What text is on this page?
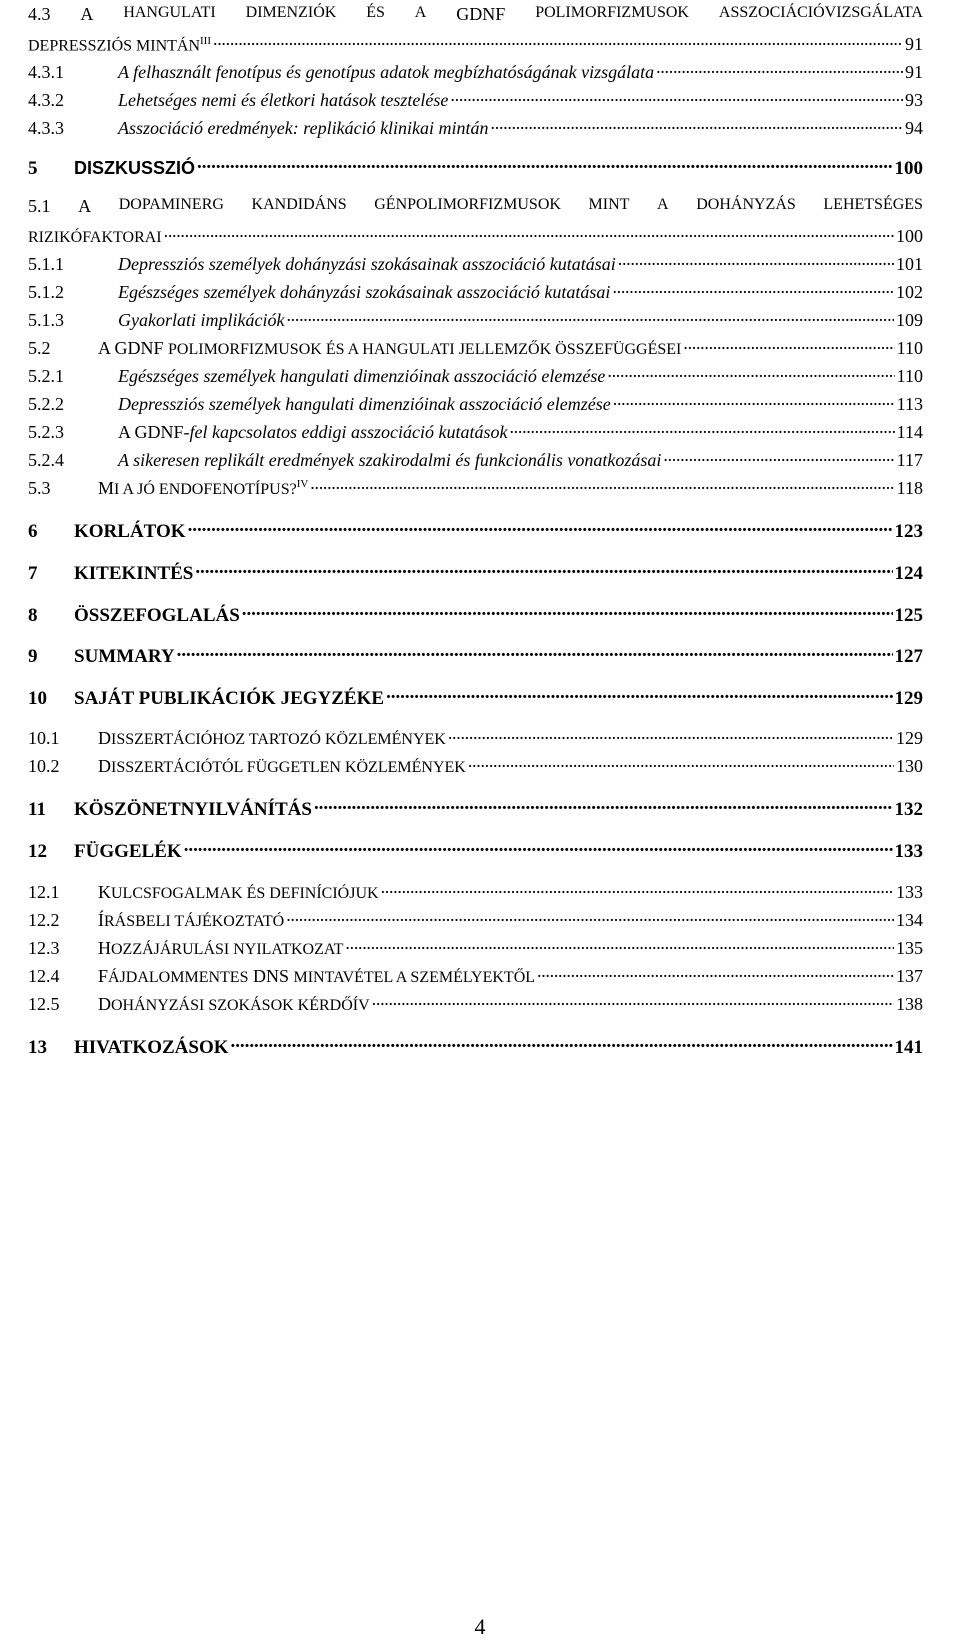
4.3 A HANGULATI DIMENZIÓK ÉS A GDNF POLIMORFIZMUSOK ASSZOCIÁCIÓVIZSGÁLATA
DEPRESSZIÓS $MINTÁN^{III}$ . . .	91
4.3.1	A felhasznált fenotípus és genotípus adatok megbízhatóságának vizsgálata . . .	91
4.3.2	Lehetséges nemi és életkori hatások tesztelése . . .	93
4.3.3	Asszociáció eredmények: replikáció klinikai mintán . . .	94
5	DISZKUSSZIÓ . . .	100
5.1 A DOPAMINERG KANDIDÁNS GÉNPOLIMORFIZMUSOK MINT A DOHÁNYZÁS LEHETSÉGES
RIZIKÓFAKTORAI . . .	100
5.1.1	Depressziós személyek dohányzási szokásainak asszociáció kutatásai . . .	101
5.1.2	Egészséges személyek dohányzási szokásainak asszociáció kutatásai . . .	102
5.1.3	Gyakorlati implikációk . . .	109
5.2	A GDNF POLIMORFIZMUSOK ÉS A HANGULATI JELLEMZŐK ÖSSZEFÜGGÉSEI . . .	110
5.2.1	Egészséges személyek hangulati dimenzióinak asszociáció elemzése . . .	110
5.2.2	Depressziós személyek hangulati dimenzióinak asszociáció elemzése . . .	113
5.2.3	A GDNF-fel kapcsolatos eddigi asszociáció kutatások . . .	114
5.2.4	A sikeresen replikált eredmények szakirodalmi és funkcionális vonatkozásai . . .	117
5.3	MI A JÓ ENDOFENOTÍPUS?$^{IV}$ . . .	118
6	KORLÁTOK . . .	123
7	KITEKINTÉS . . .	124
8	ÖSSZEFOGLALÁS . . .	125
9	SUMMARY . . .	127
10	SAJÁT PUBLIKÁCIÓK JEGYZÉKE . . .	129
10.1	DISSZERTÁCIÓHOZ TARTOZÓ KÖZLEMÉNYEK . . .	129
10.2	DISSZERTÁCIÓTÓL FÜGGETLEN KÖZLEMÉNYEK . . .	130
11	KÖSZÖNETNYILVÁNÍTÁS . . .	132
12	FÜGGELÉK . . .	133
12.1	KULCSFOGALMAK ÉS DEFINÍCIÓJUK . . .	133
12.2	ÍRÁSBELI TÁJÉKOZTATÓ . . .	134
12.3	HOZZÁJÁRULÁSI NYILATKOZAT . . .	135
12.4	FÁJDALOMMENTES DNS MINTAVÉTEL A SZEMÉLYEKTŐL . . .	137
12.5	DOHÁNYZÁSI SZOKÁSOK KÉRDŐÍV . . .	138
13	HIVATKOZÁSOK . . .	141
4
